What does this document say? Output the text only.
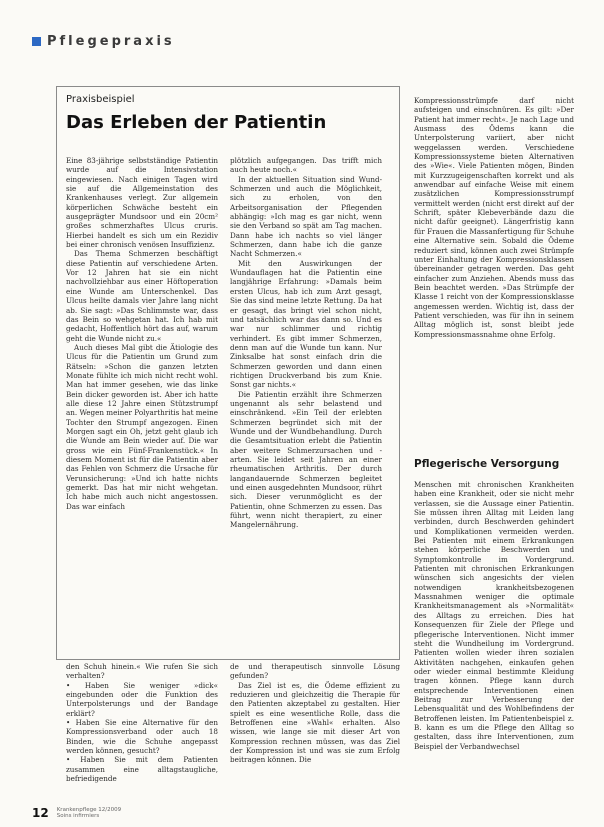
Pflegepraxis
Praxisbeispiel
Das Erleben der Patientin

Eine 83-jährige selbstständige Patientin wurde auf die Intensivstation eingewiesen. Nach einigen Tagen wird sie auf die Allgemeinstation des Krankenhauses verlegt. Zur allgemein körperlichen Schwäche besteht ein ausgeprägter Mundsoor und ein 20cm² großes schmerzhaftes Ulcus cruris. Hierbei handelt es sich um ein Rezidiv bei einer chronisch venösen Insuffizienz.

Das Thema Schmerzen beschäftigt diese Patientin auf verschiedene Arten. Vor 12 Jahren hat sie ein nicht nachvollziehbar aus einer Höftoperation eine Wunde am Unterschenkel. Das Ulcus heilte damals vier Jahre lang nicht ab. Sie sagt: »Das Schlimmste war, dass das Bein so wehgetan hat. Ich hab mit gedacht, Hoffentlich hört das auf, warum geht die Wunde nicht zu.«

Auch dieses Mal gibt die Ätiologie des Ulcus für die Patientin um Grund zum Rätseln: »Schon die ganzen letzten Monate fühlte ich mich nicht recht wohl. Man hat immer gesehen, wie das linke Bein dicker geworden ist. Aber ich hatte alle diese 12 Jahre einen Stützstrumpf an. Wegen meiner Polyarthritis hat meine Tochter den Strumpf angezogen. Einen Morgen sagt ein Oh, jetzt geht glaub ich die Wunde am Bein wieder auf. Die war gross wie ein Fünf-Frankenstück.« In diesem Moment ist für die Patientin aber das Fehlen von Schmerz die Ursache für Verunsicherung: »Und ich hatte nichts gemerkt. Das hat mir nicht wehgetan. Ich habe mich auch nicht angestossen. Das war einfach

plötzlich aufgegangen. Das trifft mich auch heute noch.«

In der aktuellen Situation sind Wund-Schmerzen und auch die Möglichkeit, sich zu erholen, von den Arbeitsorganisation der Pflegenden abhängig: »Ich mag es gar nicht, wenn sie den Verband so spät am Tag machen. Dann habe ich nachts so viel länger Schmerzen, dann habe ich die ganze Nacht Schmerzen.«

Mit den Auswirkungen der Wundauflagen hat die Patientin eine langjährige Erfahrung: »Damals beim ersten Ulcus, hab ich zum Arzt gesagt, Sie das sind meine letzte Rettung. Da hat er gesagt, das bringt viel schon nicht, und tatsächlich war das dann so. Und es war nur schlimmer und richtig verhindert. Es gibt immer Schmerzen, denn man auf die Wunde tun kann. Nur Zinksalbe hat sonst einfach drin die Schmerzen geworden und dann einen richtigen Druckverband bis zum Knie. Sonst gar nichts.«

Die Patientin erzählt ihre Schmerzen ungenannt als sehr belastend und einschränkend. »Ein Teil der erlebten Schmerzen begründet sich mit der Wunde und der Wundbehandlung. Durch die Gesamtsituation erlebt die Patientin aber weitere Schmerzursachen und -arten. Sie leidet seit Jahren an einer rheumatischen Arthritis. Der durch langandauernde Schmerzen begleitet und einen ausgedehnten Mundsoor, rührt sich. Dieser verunmöglicht es der Patientin, ohne Schmerzen zu essen. Das führt, wenn nicht therapiert, zu einer Mangelernährung.

Kompressionsstrümpfe darf nicht aufsteigen und einschnüren. Es gilt: »Der Patient hat immer recht«. Je nach Lage und Ausmass des Ödems kann die Unterpolsterung variiert, aber nicht weggelassen werden. Verschiedene Kompressionssysteme bieten Alternativen des »Wie«. Viele Patienten mögen, Binden mit Kurzzugeigenschaften korrekt und als anwendbar auf einfache Weise mit einem zusätzlichen Kompressionsstrumpf vermittelt werden (nicht erst direkt auf der Schrift, später Klebeverbände dazu die nicht dafür geeignet). Längerfristig kann für Frauen die Massanfertigung für Schuhe eine Alternative sein. Sobald die Ödeme reduziert sind, können auch zwei Strümpfe unter Einhaltung der Kompressionsklassen übereinander getragen werden. Das geht einfacher zum Anziehen. Abends muss das Bein beachtet werden. »Das Strümpfe der Klasse 1 reicht von der Kompressionsklasse angemessen werden. Wichtig ist, dass der Patient verschieden, was für ihn in seinem Alltag möglich ist, sonst bleibt jede Kompressionsmassnahme ohne Erfolg.

Pflegerische Versorgung

Menschen mit chronischen Krankheiten haben eine Krankheit, oder sie nicht mehr verlassen, sie die Aussage einer Patientin. Sie müssen ihren Alltag mit Leiden lang verbinden, durch Beschwerden gehindert und Komplikationen vermeiden werden. Bei Patienten mit einem Erkrankungen stehen körperliche Beschwerden und Symptomkontrolle im Vordergrund. Patienten mit chronischen Erkrankungen wünschen sich angesichts der vielen notwendigen krankheitsbezogenen Massnahmen weniger die optimale Krankheitsmanagement als »Normalität« des Alltags zu erreichen. Dies hat Konsequenzen für Ziele der Pflege und pflegerische Interventionen. Nicht immer steht die Wundheilung im Vordergrund. Patienten wollen wieder ihren sozialen Aktivitäten nachgehen, einkaufen gehen oder wieder einmal bestimmte Kleidung tragen können. Pflege kann durch entsprechende Interventionen einen Beitrag zur Verbesserung der Lebensqualität und des Wohlbefindens der Betroffenen leisten. Im Patientenbeispiel z. B. kann es um die Pflege den Alltag so gestalten, dass ihre Interventionen, zum Beispiel der Verbandwechsel

den Schuh hinein.« Wie rufen Sie sich verhalten?

• Haben Sie weniger »dick« eingebunden oder die Funktion des Unterpolsterungs und der Bandage erklärt?

• Haben Sie eine Alternative für den Kompressionsverband oder auch 18 Binden, wie die Schuhe angepasst werden können, gesucht?

• Haben Sie mit dem Patienten zusammen eine alltagstaugliche, befriedigende

de und therapeutisch sinnvolle Lösung gefunden?

Das Ziel ist es, die Ödeme effizient zu reduzieren und gleichzeitig die Therapie für den Patienten akzeptabel zu gestalten. Hier spielt es eine wesentliche Rolle, dass die Betroffenen eine »Wahl« erhalten. Also wissen, wie lange sie mit dieser Art von Kompression rechnen müssen, was das Ziel der Kompression ist und was sie zum Erfolg beitragen können. Die

12 Krankenpflege 12/2009
Soins infirmiers
